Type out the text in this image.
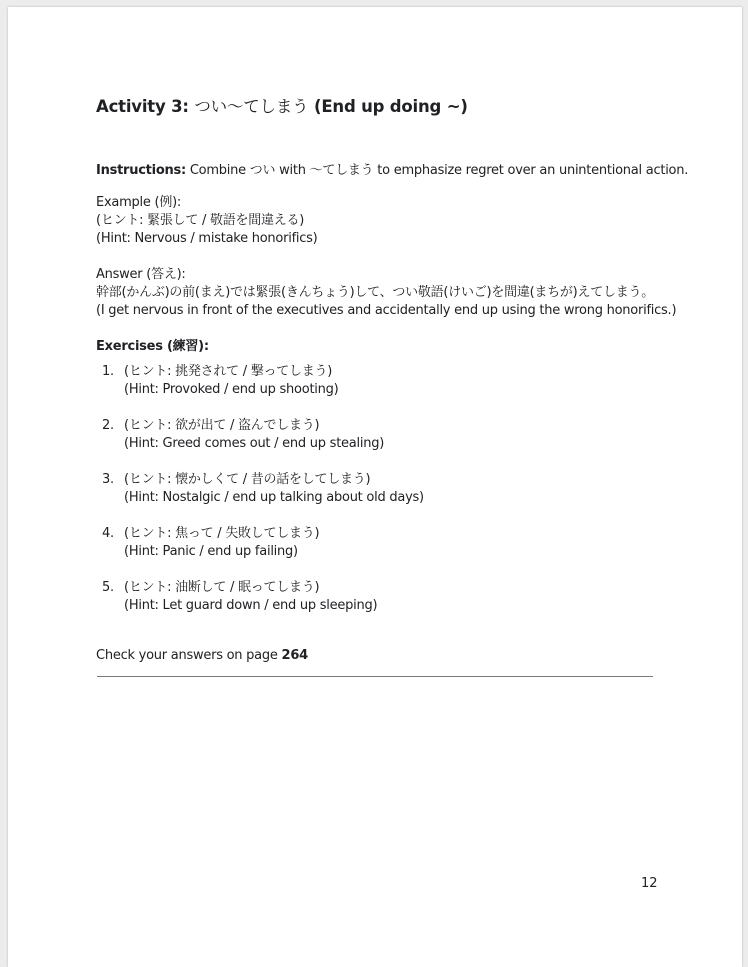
Activity 3: つい～てしまう (End up doing ~)
Instructions: Combine つい with ～てしまう to emphasize regret over an unintentional action.
Example (例):
(ヒント: 緊張して / 敬語を間違える)
(Hint: Nervous / mistake honorifics)
Answer (答え):
幹部(かんぶ)の前(まえ)では緊張(きんちょう)して、つい敬語(けいご)を間違(まちが)えてしまう。
(I get nervous in front of the executives and accidentally end up using the wrong honorifics.)
Exercises (練習):
1. (ヒント: 挑発されて / 撃ってしまう)
(Hint: Provoked / end up shooting)
2. (ヒント: 欲が出て / 盗んでしまう)
(Hint: Greed comes out / end up stealing)
3. (ヒント: 懐かしくて / 昔の話をしてしまう)
(Hint: Nostalgic / end up talking about old days)
4. (ヒント: 焦って / 失敗してしまう)
(Hint: Panic / end up failing)
5. (ヒント: 油断して / 眠ってしまう)
(Hint: Let guard down / end up sleeping)
Check your answers on page 264
12
